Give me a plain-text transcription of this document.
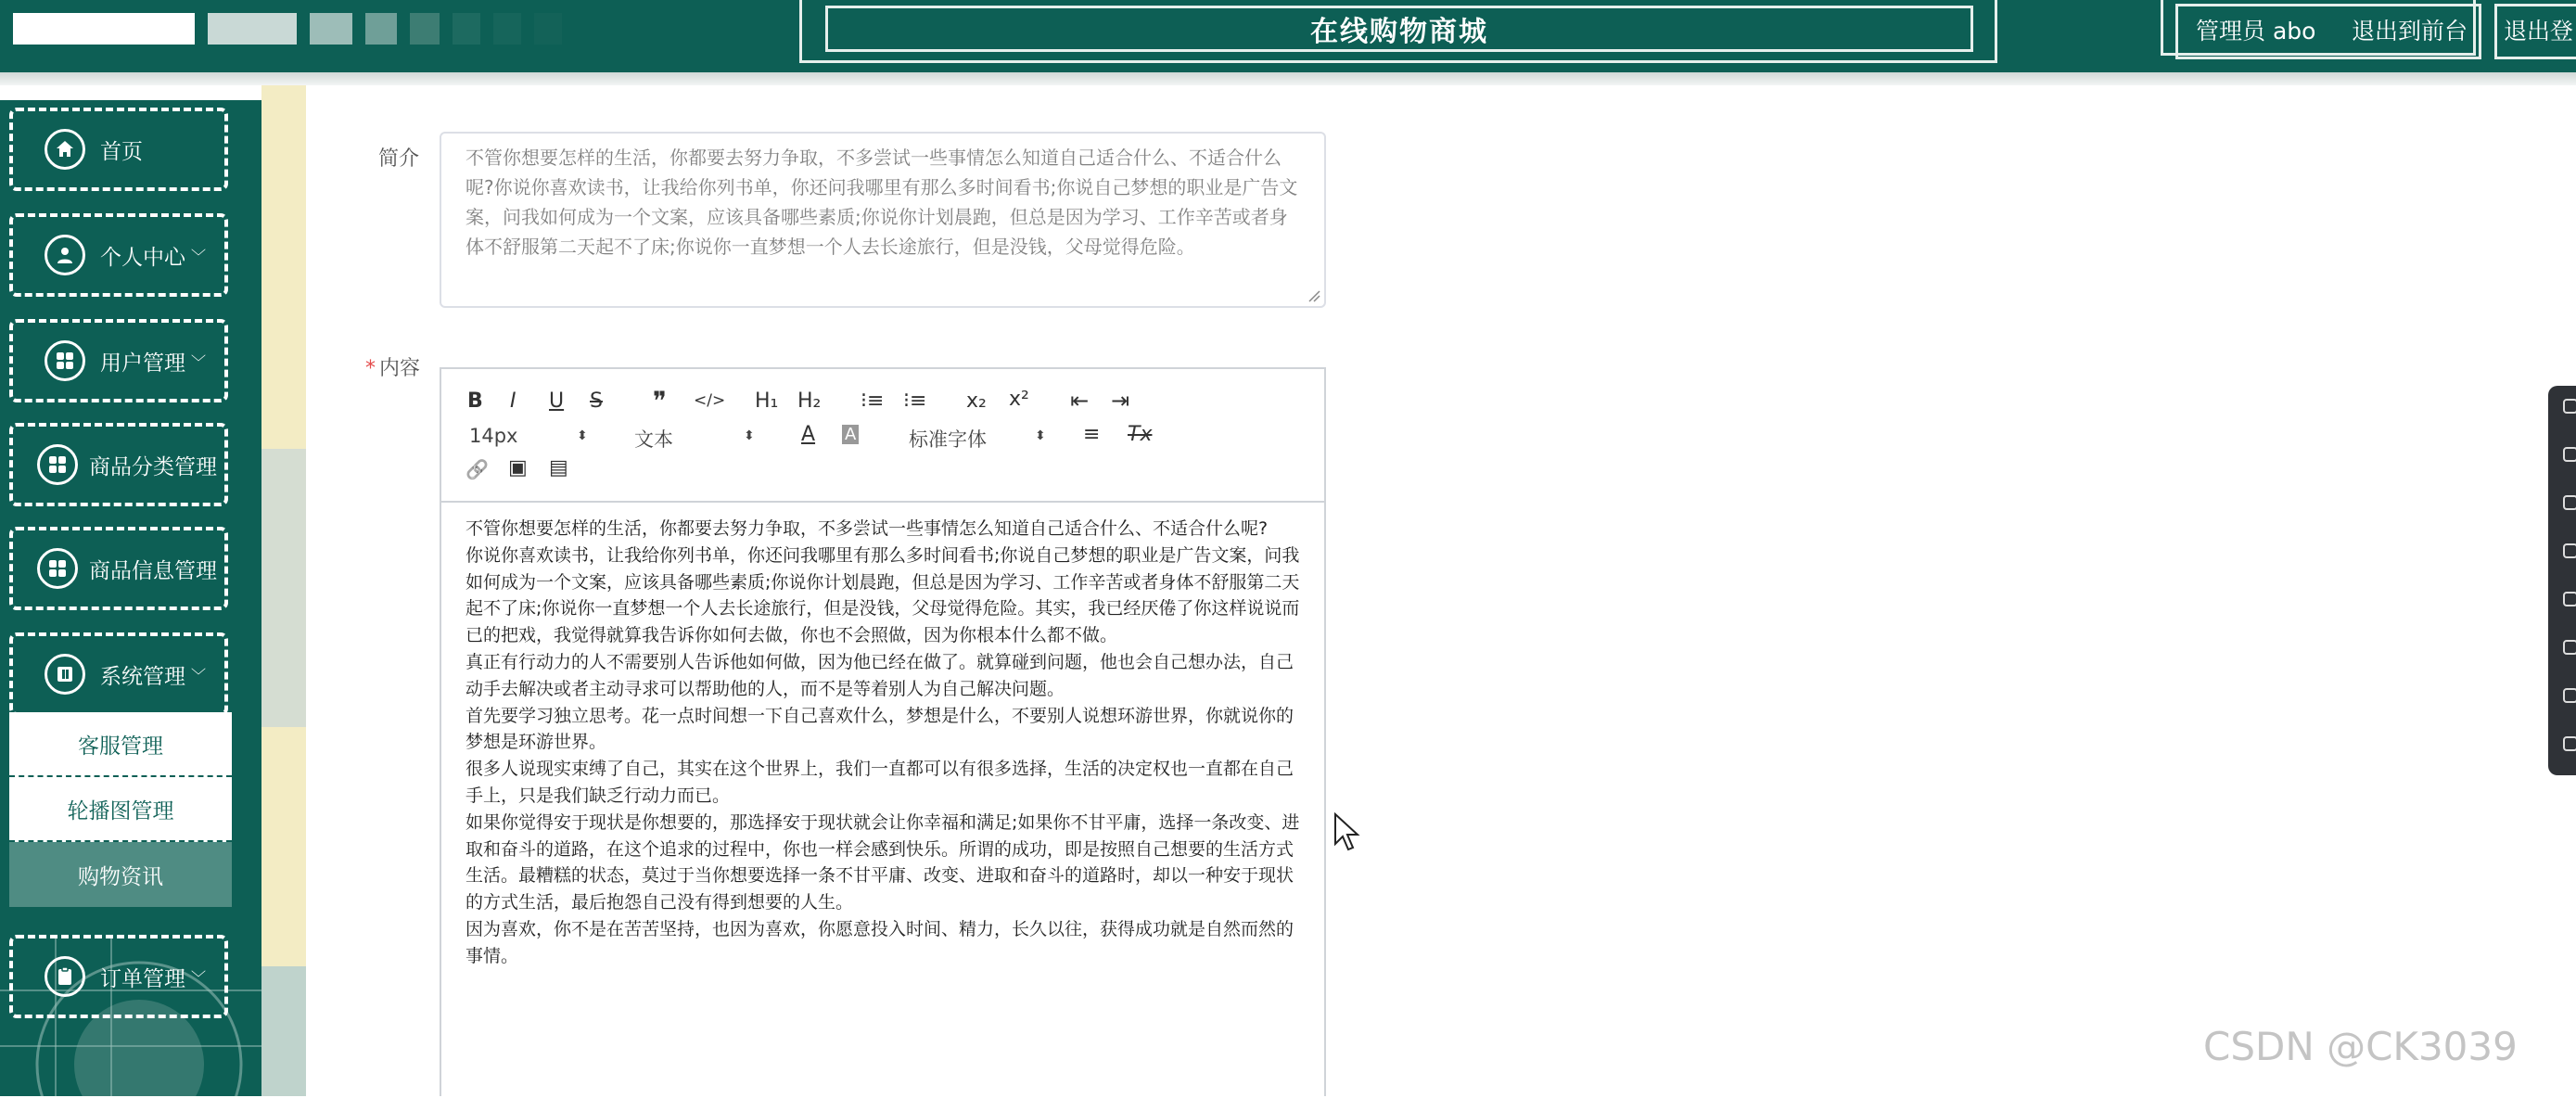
在线购物商城	管理员 abo 退出到前台 退出登
首页
个人中心 ﹀
用户管理 ﹀
商品分类管理
商品信息管理
系统管理 ﹀
客服管理
轮播图管理
购物资讯
订单管理 ﹀
简介	不管你想要怎样的生活，你都要去努力争取，不多尝试一些事情怎么知道自己适合什么、不适合什么呢?你说你喜欢读书，让我给你列书单，你还问我哪里有那么多时间看书;你说自己梦想的职业是广告文案，问我如何成为一个文案，应该具备哪些素质;你说你计划晨跑，但总是因为学习、工作辛苦或者身体不舒服第二天起不了床;你说你一直梦想一个人去长途旅行，但是没钱，父母觉得危险。
* 内容
B I U S ❞ </> H₁ H₂ ⁝≡ ⁝≡ x₂ x² ⇤ ⇥
14px	⬍ 文本	⬍ A A	标准字体	⬍ ≡ Tx
🔗 ▣ ▤

不管你想要怎样的生活，你都要去努力争取，不多尝试一些事情怎么知道自己适合什么、不适合什么呢?

你说你喜欢读书，让我给你列书单，你还问我哪里有那么多时间看书;你说自己梦想的职业是广告文案，问我如何成为一个文案，应该具备哪些素质;你说你计划晨跑，但总是因为学习、工作辛苦或者身体不舒服第二天起不了床;你说你一直梦想一个人去长途旅行，但是没钱，父母觉得危险。其实，我已经厌倦了你这样说说而已的把戏，我觉得就算我告诉你如何去做，你也不会照做，因为你根本什么都不做。

真正有行动力的人不需要别人告诉他如何做，因为他已经在做了。就算碰到问题，他也会自己想办法，自己动手去解决或者主动寻求可以帮助他的人，而不是等着别人为自己解决问题。

首先要学习独立思考。花一点时间想一下自己喜欢什么，梦想是什么，不要别人说想环游世界，你就说你的梦想是环游世界。

很多人说现实束缚了自己，其实在这个世界上，我们一直都可以有很多选择，生活的决定权也一直都在自己手上，只是我们缺乏行动力而已。

如果你觉得安于现状是你想要的，那选择安于现状就会让你幸福和满足;如果你不甘平庸，选择一条改变、进取和奋斗的道路，在这个追求的过程中，你也一样会感到快乐。所谓的成功，即是按照自己想要的生活方式生活。最糟糕的状态，莫过于当你想要选择一条不甘平庸、改变、进取和奋斗的道路时，却以一种安于现状的方式生活，最后抱怨自己没有得到想要的人生。

因为喜欢，你不是在苦苦坚持，也因为喜欢，你愿意投入时间、精力，长久以往，获得成功就是自然而然的事情。

CSDN @CK3039
